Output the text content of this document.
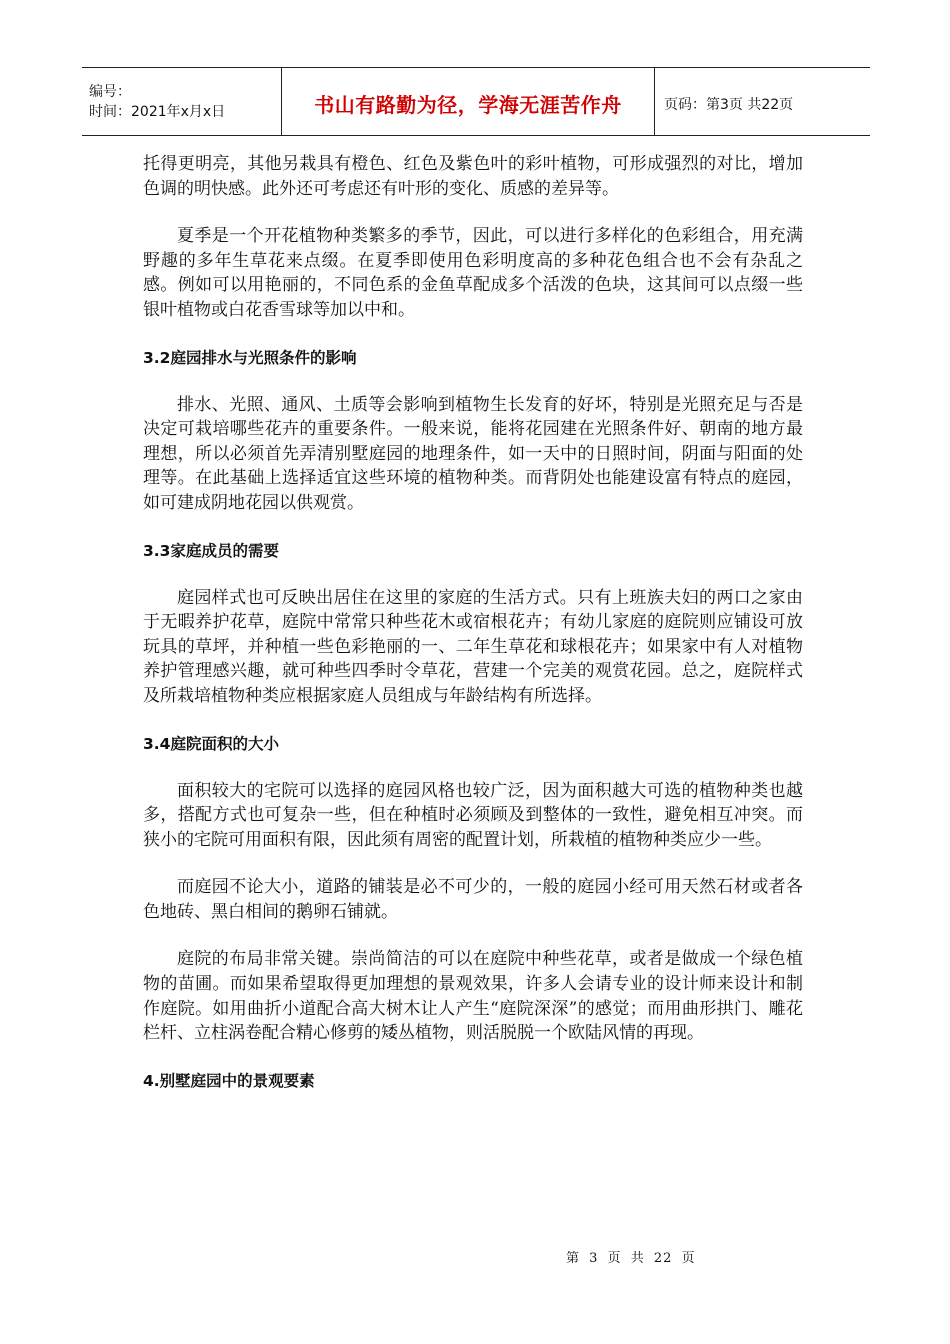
编号：
时间：2021年x月x日	书山有路勤为径，学海无涯苦作舟	页码：第3页 共22页

托得更明亮，其他另栽具有橙色、红色及紫色叶的彩叶植物，可形成强烈的对比，增加色调的明快感。此外还可考虑还有叶形的变化、质感的差异等。

夏季是一个开花植物种类繁多的季节，因此，可以进行多样化的色彩组合，用充满野趣的多年生草花来点缀。在夏季即使用色彩明度高的多种花色组合也不会有杂乱之感。例如可以用艳丽的，不同色系的金鱼草配成多个活泼的色块，这其间可以点缀一些银叶植物或白花香雪球等加以中和。

3.2庭园排水与光照条件的影响

排水、光照、通风、土质等会影响到植物生长发育的好坏，特别是光照充足与否是决定可栽培哪些花卉的重要条件。一般来说，能将花园建在光照条件好、朝南的地方最理想，所以必须首先弄清别墅庭园的地理条件，如一天中的日照时间，阴面与阳面的处理等。在此基础上选择适宜这些环境的植物种类。而背阴处也能建设富有特点的庭园，如可建成阴地花园以供观赏。

3.3家庭成员的需要

庭园样式也可反映出居住在这里的家庭的生活方式。只有上班族夫妇的两口之家由于无暇养护花草，庭院中常常只种些花木或宿根花卉；有幼儿家庭的庭院则应铺设可放玩具的草坪，并种植一些色彩艳丽的一、二年生草花和球根花卉；如果家中有人对植物养护管理感兴趣，就可种些四季时令草花，营建一个完美的观赏花园。总之，庭院样式及所栽培植物种类应根据家庭人员组成与年龄结构有所选择。

3.4庭院面积的大小

面积较大的宅院可以选择的庭园风格也较广泛，因为面积越大可选的植物种类也越多，搭配方式也可复杂一些，但在种植时必须顾及到整体的一致性，避免相互冲突。而狭小的宅院可用面积有限，因此须有周密的配置计划，所栽植的植物种类应少一些。

而庭园不论大小，道路的铺装是必不可少的，一般的庭园小经可用天然石材或者各色地砖、黑白相间的鹅卵石铺就。

庭院的布局非常关键。崇尚简洁的可以在庭院中种些花草，或者是做成一个绿色植物的苗圃。而如果希望取得更加理想的景观效果，许多人会请专业的设计师来设计和制作庭院。如用曲折小道配合高大树木让人产生“庭院深深”的感觉；而用曲形拱门、雕花栏杆、立柱涡卷配合精心修剪的矮丛植物，则活脱脱一个欧陆风情的再现。

4.别墅庭园中的景观要素
第 3 页 共 22 页
